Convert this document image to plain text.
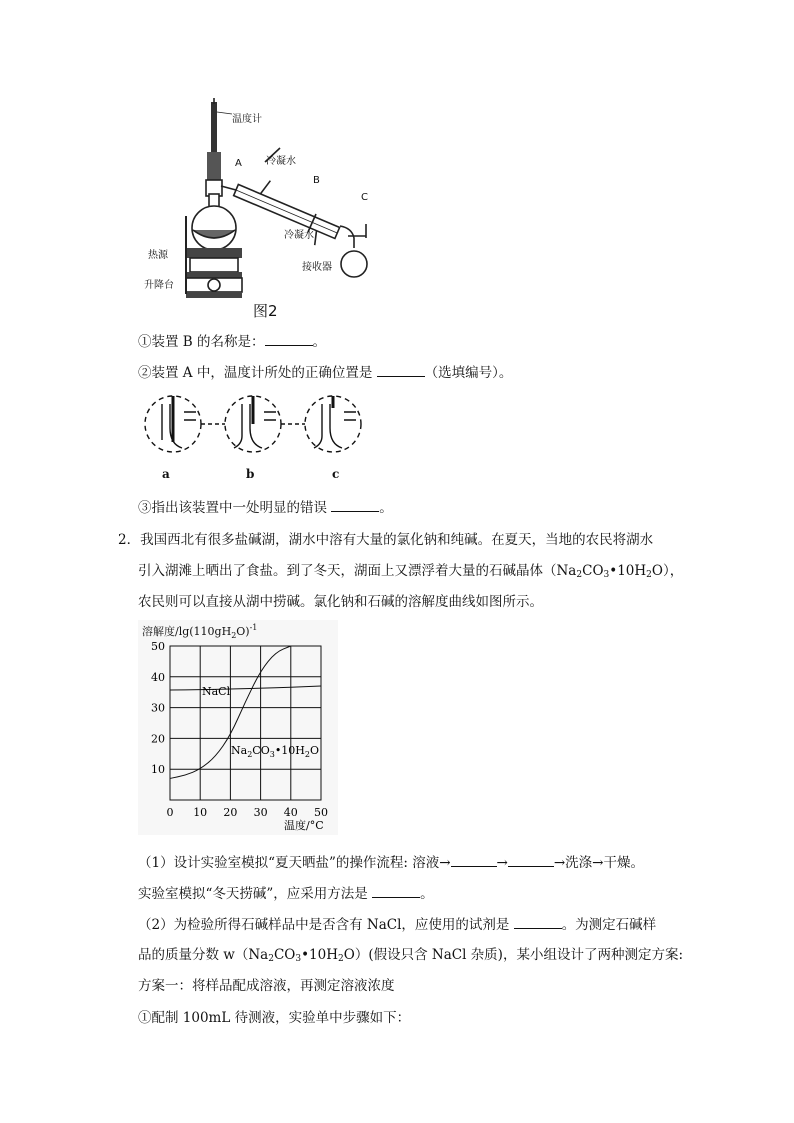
温度计
A 冷凝水
B
C
冷凝水
接收器
热源
升降台
图2
①装置 B 的名称是：	。
②装置 A 中，温度计所处的正确位置是	（选填编号）。
a	b	c
③指出该装置中一处明显的错误	。
2．我国西北有很多盐碱湖，湖水中溶有大量的氯化钠和纯碱。在夏天，当地的农民将湖水
引入湖滩上晒出了食盐。到了冬天，湖面上又漂浮着大量的石碱晶体$(Na_2CO_3•10H_2O)$，
农民则可以直接从湖中捞碱。氯化钠和石碱的溶解度曲线如图所示。
溶解度$/\lg(110gH_2O)^{-1}$
0 10 20 30 40 50
10
20
30
40
50
NaCl
$Na_2CO_3•10H_2O$
温度/°C
（1）设计实验室模拟“夏天晒盐”的操作流程: 溶液→	→	→洗涤→干燥。
实验室模拟“冬天捞碱”，应采用方法是	。
（2）为检验所得石碱样品中是否含有 NaCl，应使用的试剂是	。为测定石碱样
品的质量分数 $w(Na_2CO_3•10H_2O)$(假设只含 NaCl 杂质)，某小组设计了两种测定方案:
方案一：将样品配成溶液，再测定溶液浓度
①配制 100mL 待测液，实验单中步骤如下：
